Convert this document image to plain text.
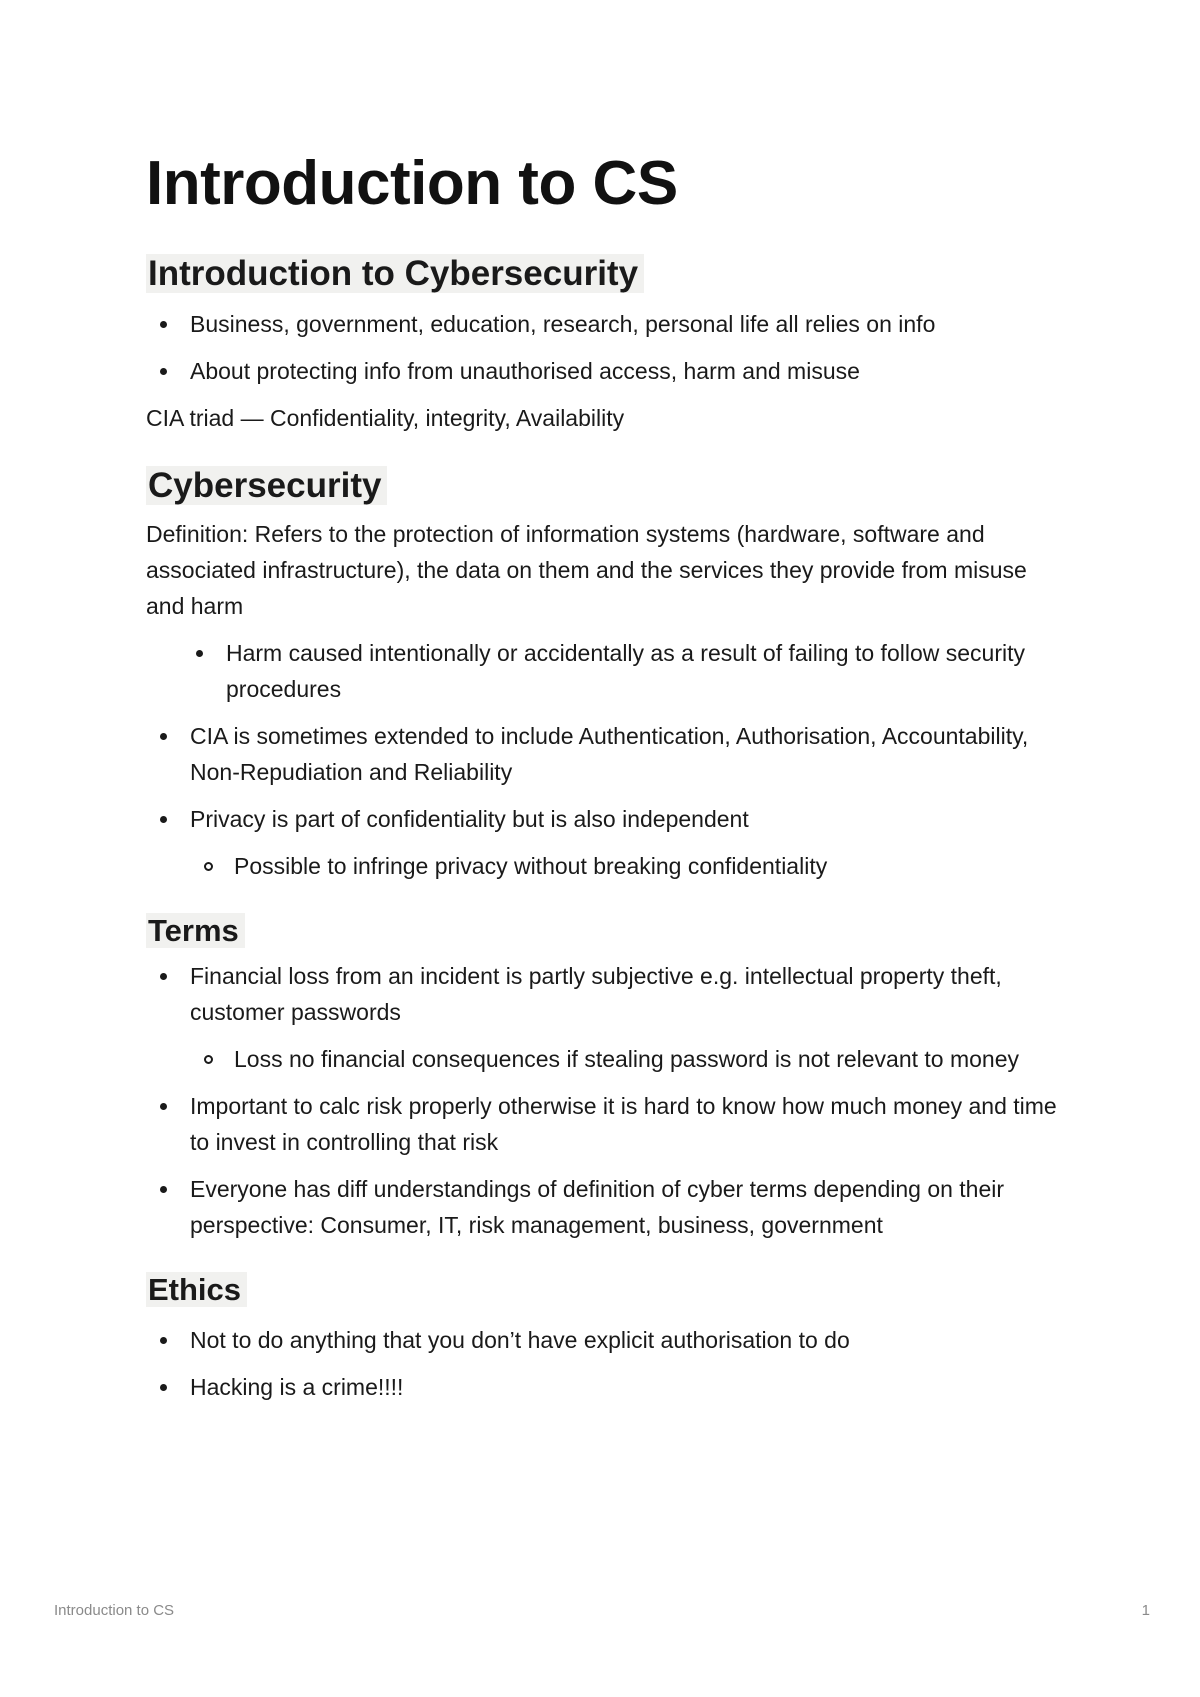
Introduction to CS
Introduction to Cybersecurity
Business, government, education, research, personal life all relies on info
About protecting info from unauthorised access, harm and misuse

CIA triad — Confidentiality, integrity, Availability

Cybersecurity

Definition: Refers to the protection of information systems (hardware, software and associated infrastructure), the data on them and the services they provide from misuse and harm

Harm caused intentionally or accidentally as a result of failing to follow security procedures
CIA is sometimes extended to include Authentication, Authorisation, Accountability, Non-Repudiation and Reliability
Privacy is part of confidentiality but is also independent
Possible to infringe privacy without breaking confidentiality
Terms
Financial loss from an incident is partly subjective e.g. intellectual property theft, customer passwords
Loss no financial consequences if stealing password is not relevant to money
Important to calc risk properly otherwise it is hard to know how much money and time to invest in controlling that risk
Everyone has diff understandings of definition of cyber terms depending on their perspective: Consumer, IT, risk management, business, government
Ethics
Not to do anything that you don’t have explicit authorisation to do
Hacking is a crime!!!!
Introduction to CS	1
